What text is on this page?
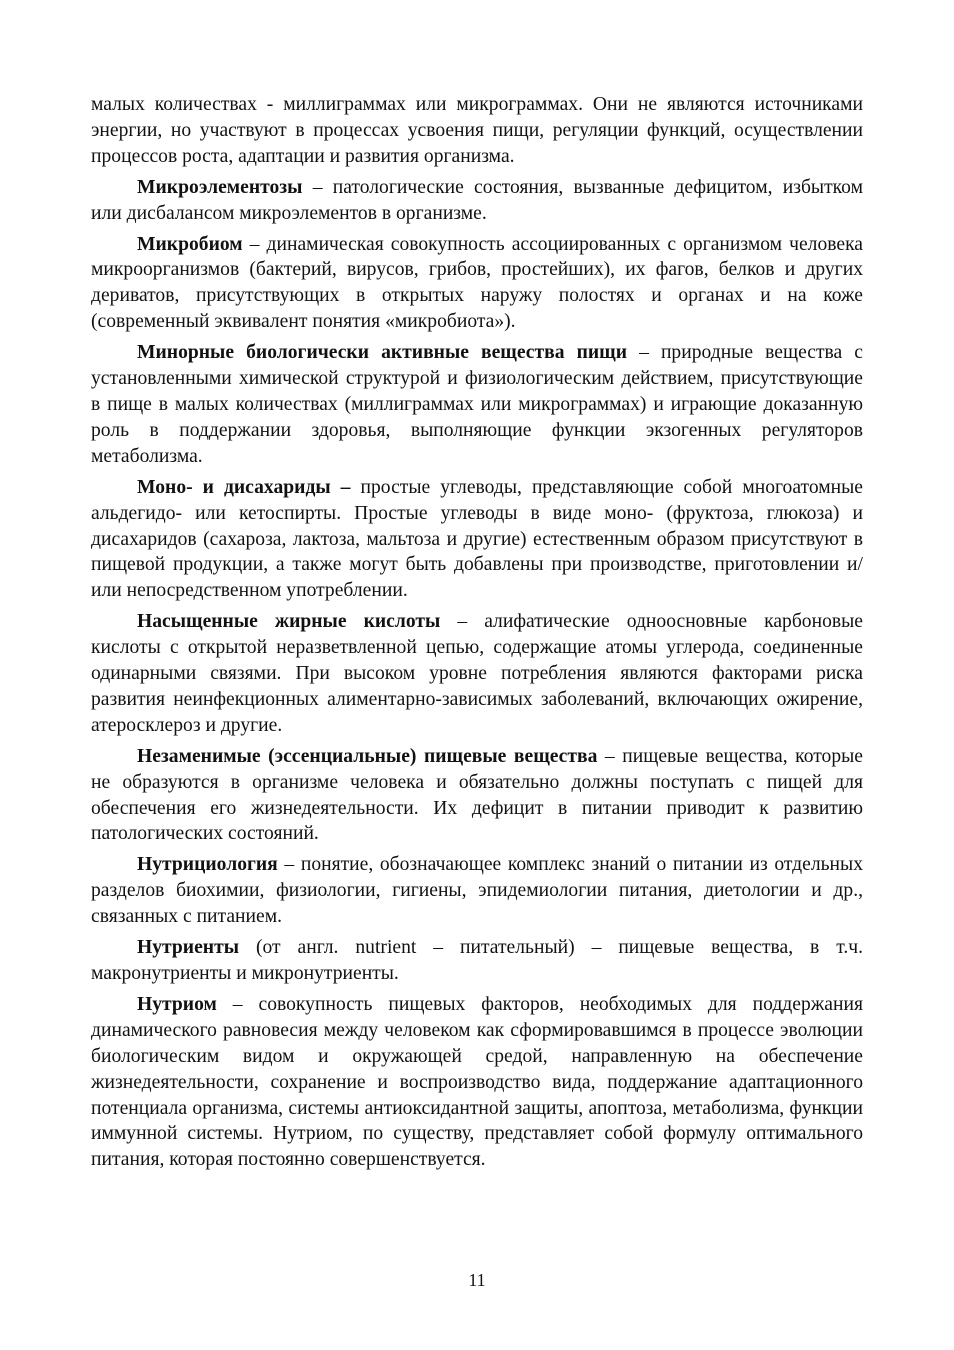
малых количествах - миллиграммах или микрограммах. Они не являются источниками энергии, но участвуют в процессах усвоения пищи, регуляции функций, осуществлении процессов роста, адаптации и развития организма.

Микроэлементозы – патологические состояния, вызванные дефицитом, избытком или дисбалансом микроэлементов в организме.

Микробиом – динамическая совокупность ассоциированных с организмом человека микроорганизмов (бактерий, вирусов, грибов, простейших), их фагов, белков и других дериватов, присутствующих в открытых наружу полостях и органах и на коже (современный эквивалент понятия «микробиота»).

Минорные биологически активные вещества пищи – природные вещества с установленными химической структурой и физиологическим действием, присутствующие в пище в малых количествах (миллиграммах или микрограммах) и играющие доказанную роль в поддержании здоровья, выполняющие функции экзогенных регуляторов метаболизма.

Моно- и дисахариды – простые углеводы, представляющие собой многоатомные альдегидо- или кетоспирты. Простые углеводы в виде моно- (фруктоза, глюкоза) и дисахаридов (сахароза, лактоза, мальтоза и другие) естественным образом присутствуют в пищевой продукции, а также могут быть добавлены при производстве, приготовлении и/или непосредственном употреблении.

Насыщенные жирные кислоты – алифатические одноосновные карбоновые кислоты с открытой неразветвленной цепью, содержащие атомы углерода, соединенные одинарными связями. При высоком уровне потребления являются факторами риска развития неинфекционных алиментарно-зависимых заболеваний, включающих ожирение, атеросклероз и другие.

Незаменимые (эссенциальные) пищевые вещества – пищевые вещества, которые не образуются в организме человека и обязательно должны поступать с пищей для обеспечения его жизнедеятельности. Их дефицит в питании приводит к развитию патологических состояний.

Нутрициология – понятие, обозначающее комплекс знаний о питании из отдельных разделов биохимии, физиологии, гигиены, эпидемиологии питания, диетологии и др., связанных с питанием.

Нутриенты (от англ. nutrient – питательный) – пищевые вещества, в т.ч. макронутриенты и микронутриенты.

Нутриом – совокупность пищевых факторов, необходимых для поддержания динамического равновесия между человеком как сформировавшимся в процессе эволюции биологическим видом и окружающей средой, направленную на обеспечение жизнедеятельности, сохранение и воспроизводство вида, поддержание адаптационного потенциала организма, системы антиоксидантной защиты, апоптоза, метаболизма, функции иммунной системы. Нутриом, по существу, представляет собой формулу оптимального питания, которая постоянно совершенствуется.

11
